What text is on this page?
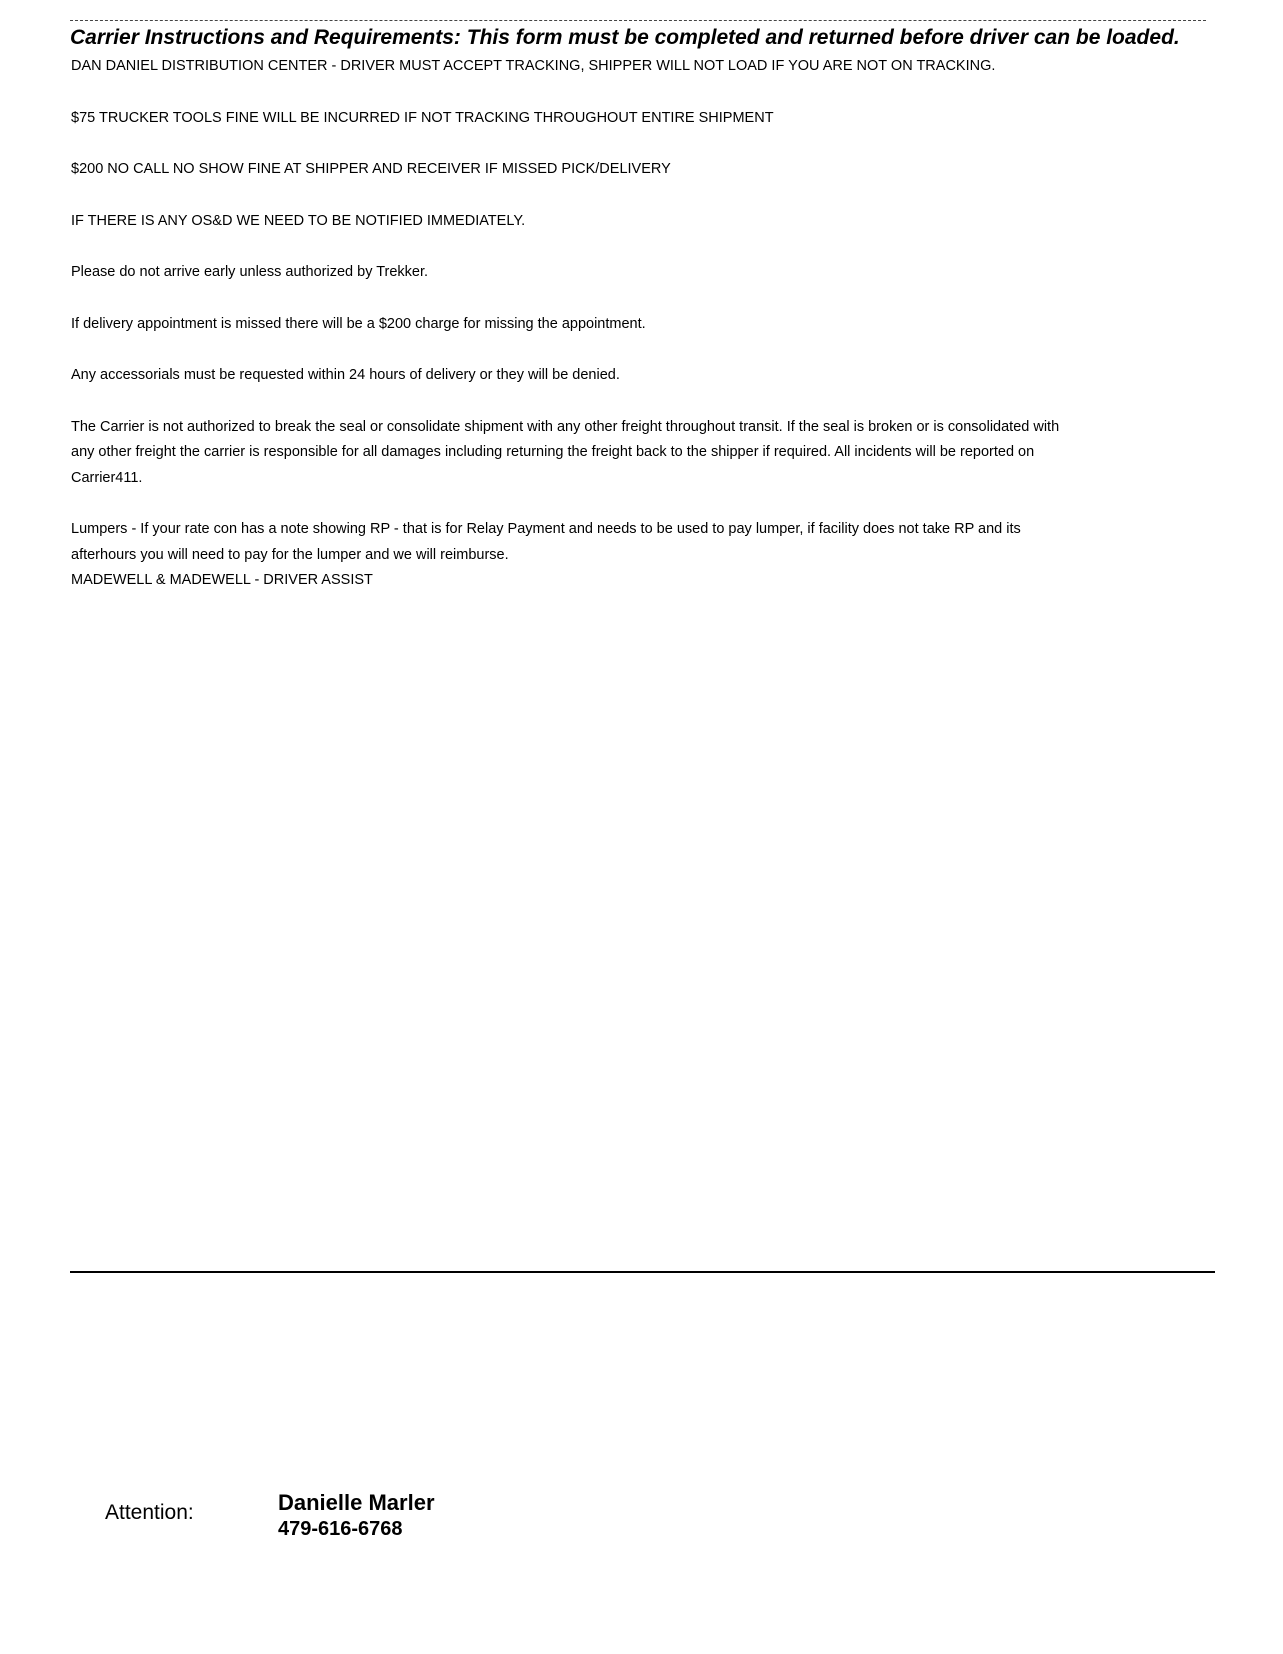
Carrier Instructions and Requirements: This form must be completed and returned before driver can be loaded.

DAN DANIEL DISTRIBUTION CENTER - DRIVER MUST ACCEPT TRACKING, SHIPPER WILL NOT LOAD IF YOU ARE NOT ON TRACKING.

$75 TRUCKER TOOLS FINE WILL BE INCURRED IF NOT TRACKING THROUGHOUT ENTIRE SHIPMENT

$200 NO CALL NO SHOW FINE AT SHIPPER AND RECEIVER IF MISSED PICK/DELIVERY

IF THERE IS ANY OS&D WE NEED TO BE NOTIFIED IMMEDIATELY.

Please do not arrive early unless authorized by Trekker.

If delivery appointment is missed there will be a $200 charge for missing the appointment.

Any accessorials must be requested within 24 hours of delivery or they will be denied.

The Carrier is not authorized to break the seal or consolidate shipment with any other freight throughout transit. If the seal is broken or is consolidated with any other freight the carrier is responsible for all damages including returning the freight back to the shipper if required. All incidents will be reported on Carrier411.

Lumpers - If your rate con has a note showing RP - that is for Relay Payment and needs to be used to pay lumper, if facility does not take RP and its afterhours you will need to pay for the lumper and we will reimburse.

MADEWELL & MADEWELL - DRIVER ASSIST

Attention:	Danielle Marler
479-616-6768
